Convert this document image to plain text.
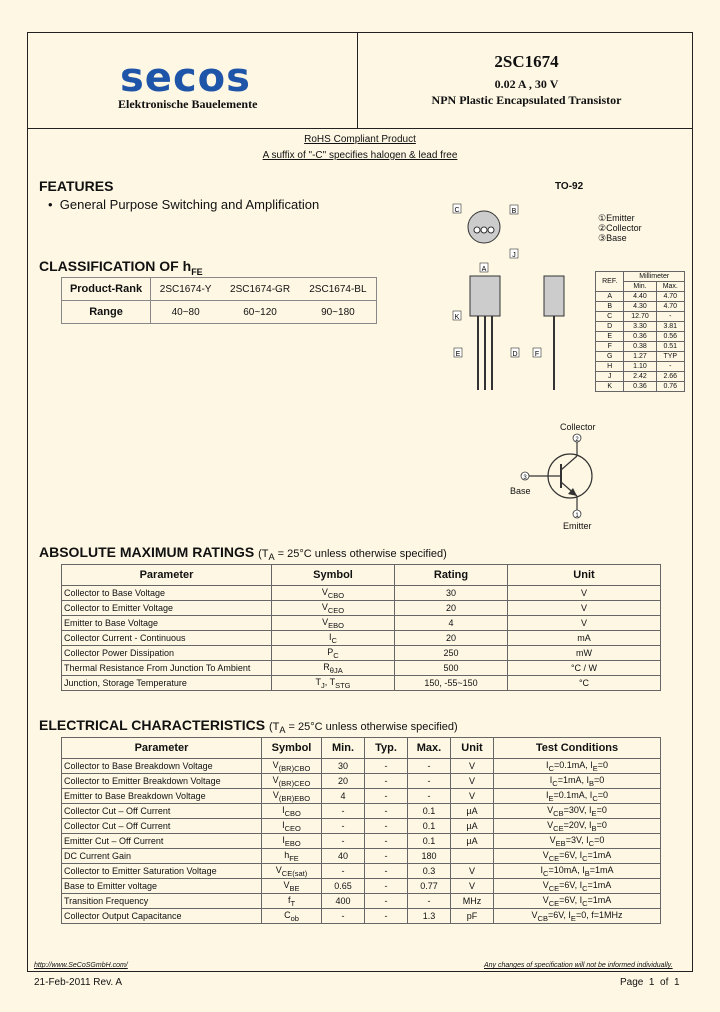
secos
Elektronische Bauelemente
2SC1674
0.02 A , 30 V
NPN Plastic Encapsulated Transistor
RoHS Compliant Product
A suffix of "-C" specifies halogen & lead free
FEATURES
•  General Purpose Switching and Amplification
CLASSIFICATION OF $h_{FE}$
Product-Rank	2SC1674-Y	2SC1674-GR	2SC1674-BL
Range	40~80	60~120	90~180
TO-92
①Emitter
②Collector
③Base
C	B
J
A
K
E	D F
REF.	Millimeter	
	Min.	Max.
A	4.40	4.70
B	4.30	4.70
C	12.70	-
D	3.30	3.81
E	0.36	0.56
F	0.38	0.51
G	1.27	TYP
H	1.10	-
J	2.42	2.66
K	0.36	0.76
Collector
Base
Emitter
2
3
1
ABSOLUTE MAXIMUM RATINGS ($T_A = 25^\circ C$ unless otherwise specified)
Parameter	Symbol	Rating	Unit
Collector to Base Voltage	$V_{CBO}$	30	V
Collector to Emitter Voltage	$V_{CEO}$	20	V
Emitter to Base Voltage	$V_{EBO}$	4	V
Collector Current - Continuous	$I_C$	20	mA
Collector Power Dissipation	$P_C$	250	mW
Thermal Resistance From Junction To Ambient	$R_{\theta JA}$	500	°C / W
Junction, Storage Temperature	$T_J$, $T_{STG}$	150, -55~150	°C
ELECTRICAL CHARACTERISTICS ($T_A = 25^\circ C$ unless otherwise specified)
Parameter	Symbol	Min.	Typ.	Max.	Unit	Test Conditions
Collector to Base Breakdown Voltage	$V_{(BR)CBO}$	30	-	-	V	$I_C=0.1mA$, $I_E=0$
Collector to Emitter Breakdown Voltage	$V_{(BR)CEO}$	20	-	-	V	$I_C=1mA$, $I_B=0$
Emitter to Base Breakdown Voltage	$V_{(BR)EBO}$	4	-	-	V	$I_E=0.1mA$, $I_C=0$
Collector Cut – Off Current	$I_{CBO}$	-	-	0.1	µA	$V_{CB}=30V$, $I_E=0$
Collector Cut – Off Current	$I_{CEO}$	-	-	0.1	µA	$V_{CE}=20V$, $I_B=0$
Emitter Cut – Off Current	$I_{EBO}$	-	-	0.1	µA	$V_{EB}=3V$, $I_C=0$
DC Current Gain	$h_{FE}$	40	-	180		$V_{CE}=6V$, $I_C=1mA$
Collector to Emitter Saturation Voltage	$V_{CE(sat)}$	-	-	0.3	V	$I_C=10mA$, $I_B=1mA$
Base to Emitter voltage	$V_{BE}$	0.65	-	0.77	V	$V_{CE}=6V$, $I_C=1mA$
Transition Frequency	$f_T$	400	-	-	MHz	$V_{CE}=6V$, $I_C=1mA$
Collector Output Capacitance	$C_{ob}$	-	-	1.3	pF	$V_{CB}=6V$, $I_E=0$, f=1MHz
http://www.SeCoSGmbH.com/	Any changes of specification will not be informed individually.
21-Feb-2011 Rev. A	Page 1 of 1
